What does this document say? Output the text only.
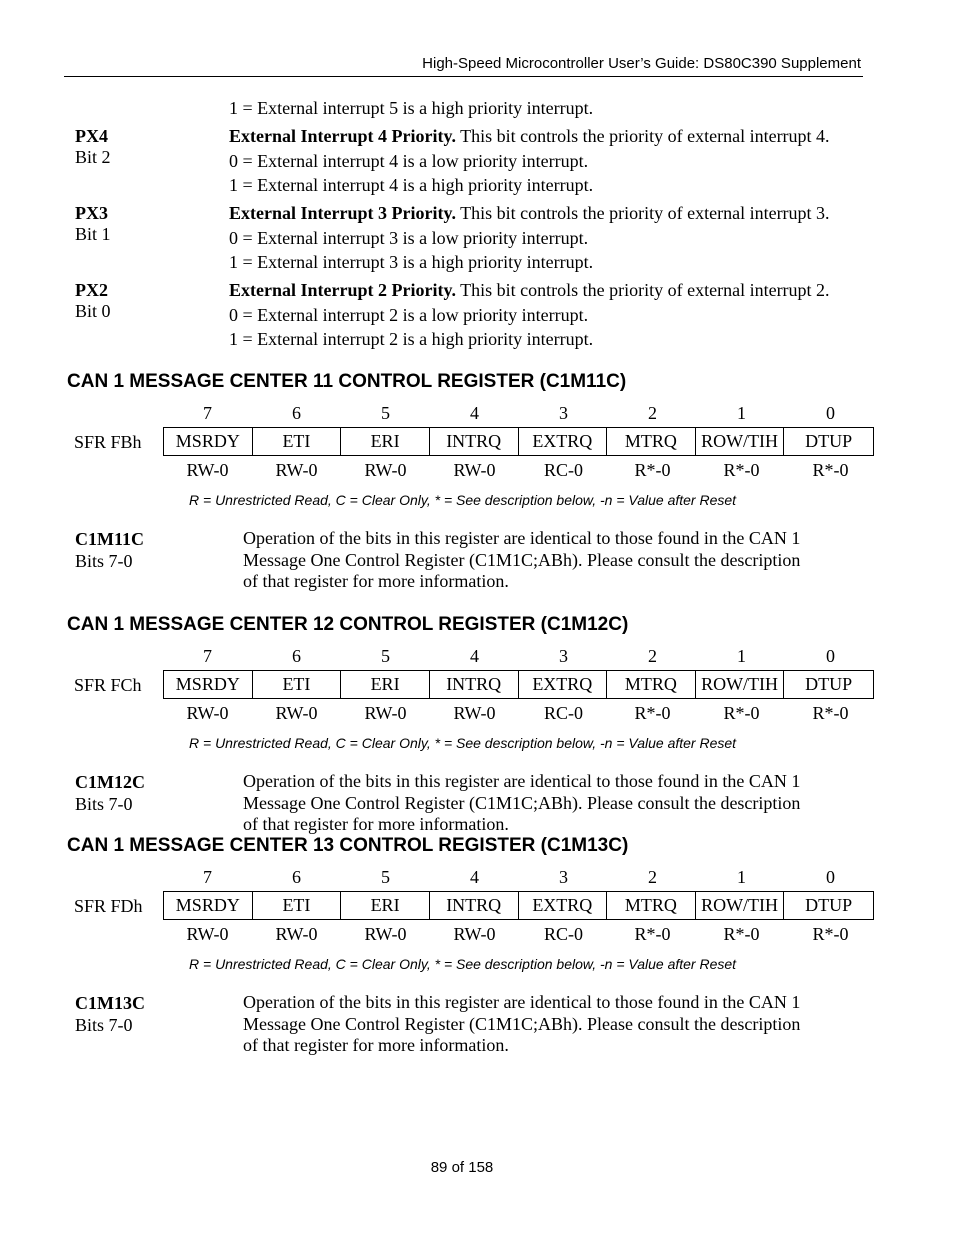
High-Speed Microcontroller User’s Guide: DS80C390 Supplement
1 = External interrupt 5 is a high priority interrupt.
PX4
Bit 2
External Interrupt 4 Priority. This bit controls the priority of external interrupt 4.
0 = External interrupt 4 is a low priority interrupt.
1 = External interrupt 4 is a high priority interrupt.
PX3
Bit 1
External Interrupt 3 Priority. This bit controls the priority of external interrupt 3.
0 = External interrupt 3 is a low priority interrupt.
1 = External interrupt 3 is a high priority interrupt.
PX2
Bit 0
External Interrupt 2 Priority. This bit controls the priority of external interrupt 2.
0 = External interrupt 2 is a low priority interrupt.
1 = External interrupt 2 is a high priority interrupt.
CAN 1 MESSAGE CENTER 11 CONTROL REGISTER (C1M11C)
7	6	5	4	3	2	1	0
SFR FBh	MSRDY	ETI	ERI	INTRQ	EXTRQ	MTRQ	ROW/TIH	DTUP
RW-0	RW-0	RW-0	RW-0	RC-0	R*-0	R*-0	R*-0
R = Unrestricted Read, C = Clear Only, * = See description below, -n = Value after Reset
C1M11C
Bits 7-0
Operation of the bits in this register are identical to those found in the CAN 1
Message One Control Register (C1M1C;ABh). Please consult the description
of that register for more information.
CAN 1 MESSAGE CENTER 12 CONTROL REGISTER (C1M12C)
7	6	5	4	3	2	1	0
SFR FCh	MSRDY	ETI	ERI	INTRQ	EXTRQ	MTRQ	ROW/TIH	DTUP
RW-0	RW-0	RW-0	RW-0	RC-0	R*-0	R*-0	R*-0
R = Unrestricted Read, C = Clear Only, * = See description below, -n = Value after Reset
C1M12C
Bits 7-0
Operation of the bits in this register are identical to those found in the CAN 1
Message One Control Register (C1M1C;ABh). Please consult the description
of that register for more information.
CAN 1 MESSAGE CENTER 13 CONTROL REGISTER (C1M13C)
7	6	5	4	3	2	1	0
SFR FDh	MSRDY	ETI	ERI	INTRQ	EXTRQ	MTRQ	ROW/TIH	DTUP
RW-0	RW-0	RW-0	RW-0	RC-0	R*-0	R*-0	R*-0
R = Unrestricted Read, C = Clear Only, * = See description below, -n = Value after Reset
C1M13C
Bits 7-0
Operation of the bits in this register are identical to those found in the CAN 1
Message One Control Register (C1M1C;ABh). Please consult the description
of that register for more information.
89 of 158
